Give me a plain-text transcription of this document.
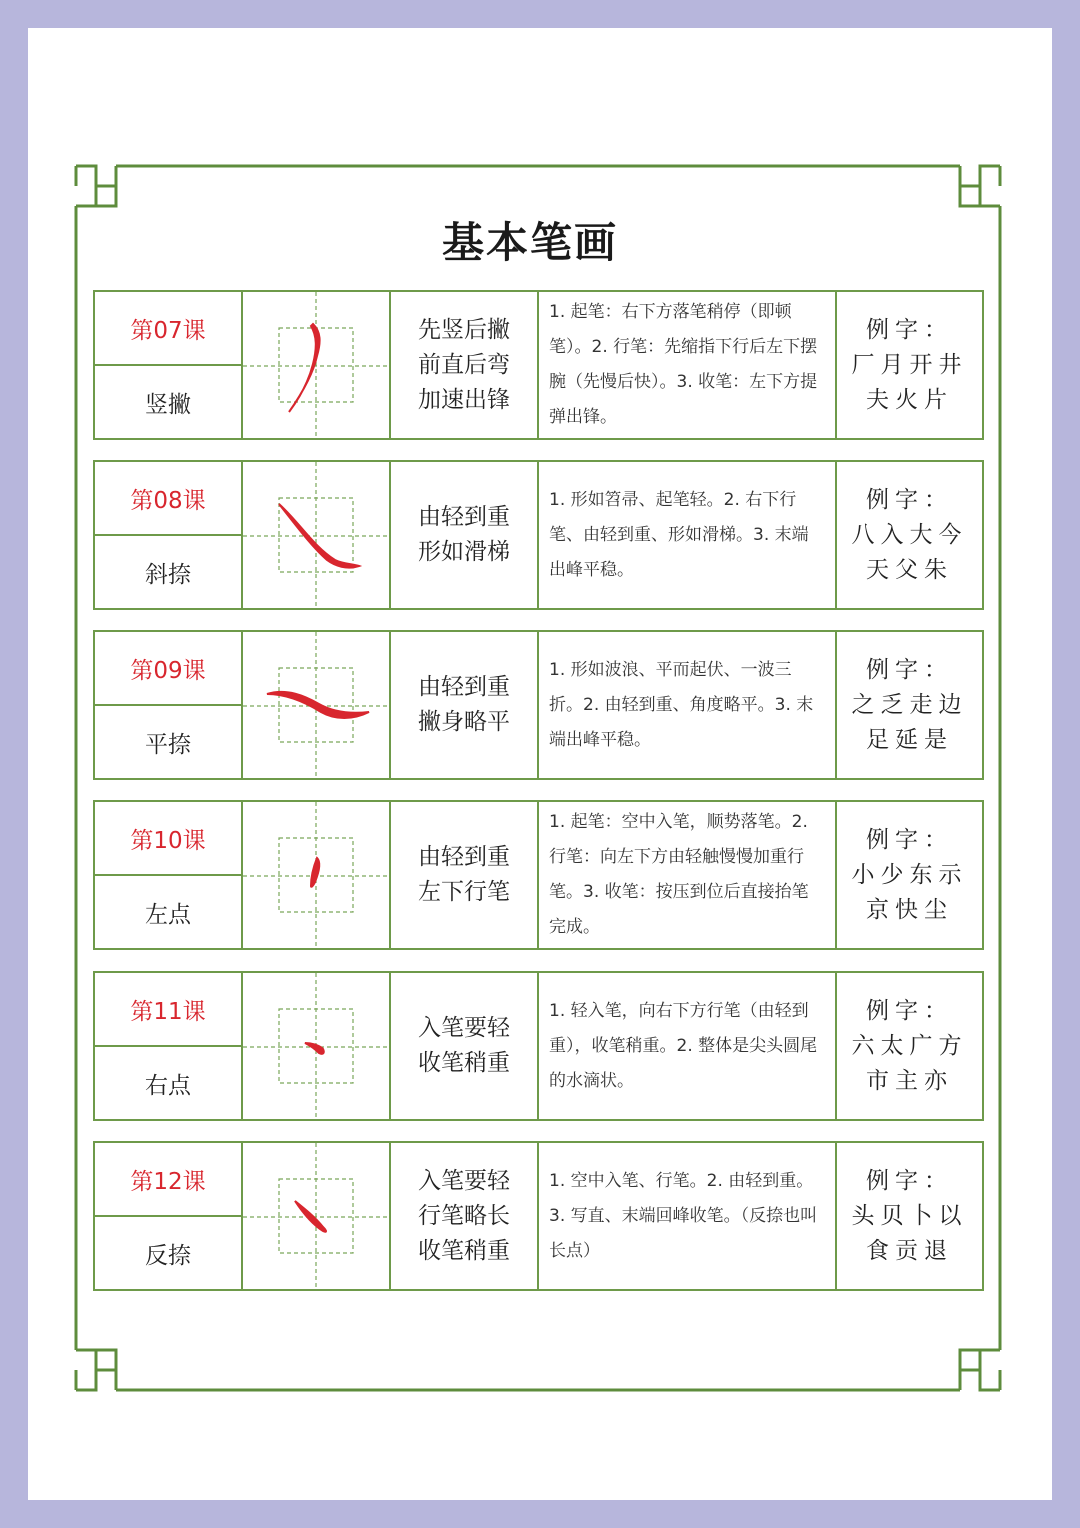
基本笔画
第07课
竖撇
先竖后撇
前直后弯
加速出锋
1. 起笔：右下方落笔稍停（即顿笔）。2. 行笔：先缩指下行后左下摆腕（先慢后快）。3. 收笔：左下方提弹出锋。
例字：
厂月开井
夫火片
第08课
斜捺
由轻到重
形如滑梯
1. 形如笤帚、起笔轻。2. 右下行笔、由轻到重、形如滑梯。3. 末端出峰平稳。
例字：
八入大今
天父朱
第09课
平捺
由轻到重
撇身略平
1. 形如波浪、平而起伏、一波三折。2. 由轻到重、角度略平。3. 末端出峰平稳。
例字：
之乏走边
足延是
第10课
左点
由轻到重
左下行笔
1. 起笔：空中入笔，顺势落笔。2. 行笔：向左下方由轻触慢慢加重行笔。3. 收笔：按压到位后直接抬笔完成。
例字：
小少东示
京快尘
第11课
右点
入笔要轻
收笔稍重
1. 轻入笔，向右下方行笔（由轻到重），收笔稍重。2. 整体是尖头圆尾的水滴状。
例字：
六太广方
市主亦
第12课
反捺
入笔要轻
行笔略长
收笔稍重
1. 空中入笔、行笔。2. 由轻到重。3. 写直、末端回峰收笔。（反捺也叫长点）
例字：
头贝卜以
食贡退
